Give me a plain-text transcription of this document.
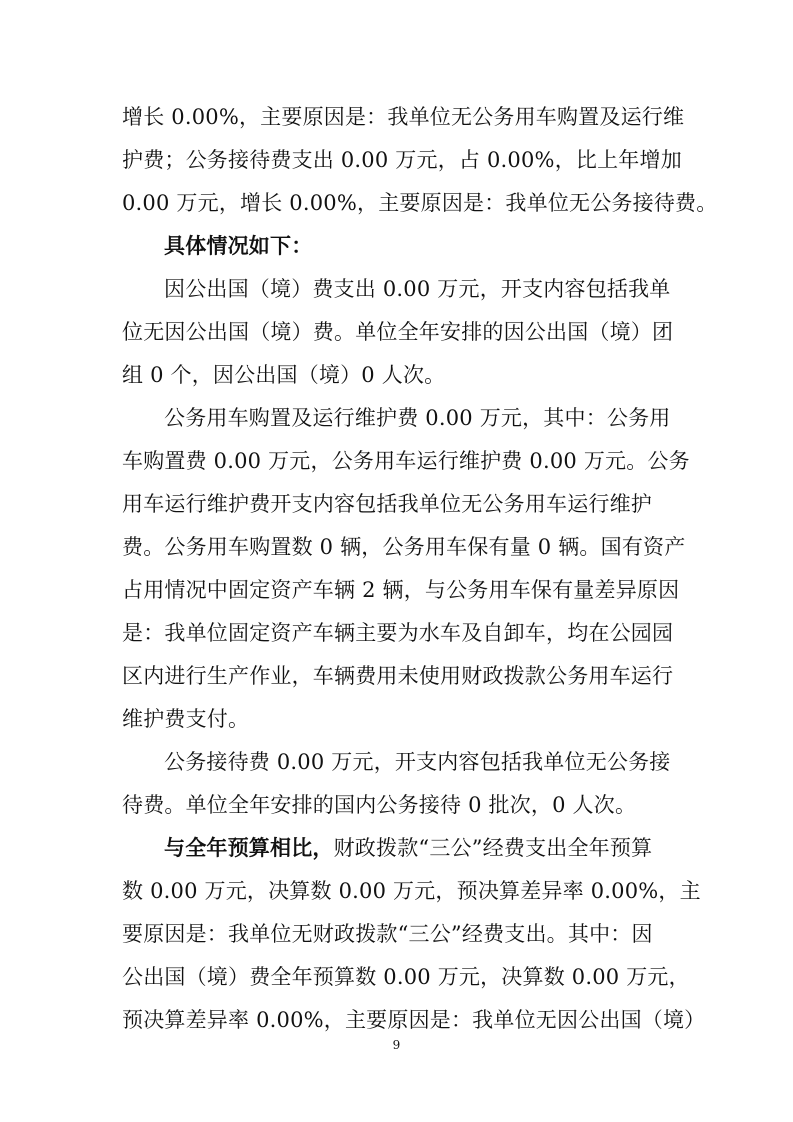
增长 0.00%，主要原因是：我单位无公务用车购置及运行维
护费；公务接待费支出 0.00 万元，占 0.00%，比上年增加
0.00 万元，增长 0.00%，主要原因是：我单位无公务接待费。
具体情况如下：
因公出国（境）费支出 0.00 万元，开支内容包括我单
位无因公出国（境）费。单位全年安排的因公出国（境）团
组 0 个，因公出国（境）0 人次。
公务用车购置及运行维护费 0.00 万元，其中：公务用
车购置费 0.00 万元，公务用车运行维护费 0.00 万元。公务
用车运行维护费开支内容包括我单位无公务用车运行维护
费。公务用车购置数 0 辆，公务用车保有量 0 辆。国有资产
占用情况中固定资产车辆 2 辆，与公务用车保有量差异原因
是：我单位固定资产车辆主要为水车及自卸车，均在公园园
区内进行生产作业，车辆费用未使用财政拨款公务用车运行
维护费支付。
公务接待费 0.00 万元，开支内容包括我单位无公务接
待费。单位全年安排的国内公务接待 0 批次，0 人次。
与全年预算相比，财政拨款“三公”经费支出全年预算
数 0.00 万元，决算数 0.00 万元，预决算差异率 0.00%，主
要原因是：我单位无财政拨款“三公”经费支出。其中：因
公出国（境）费全年预算数 0.00 万元，决算数 0.00 万元，
预决算差异率 0.00%，主要原因是：我单位无因公出国（境）
9
